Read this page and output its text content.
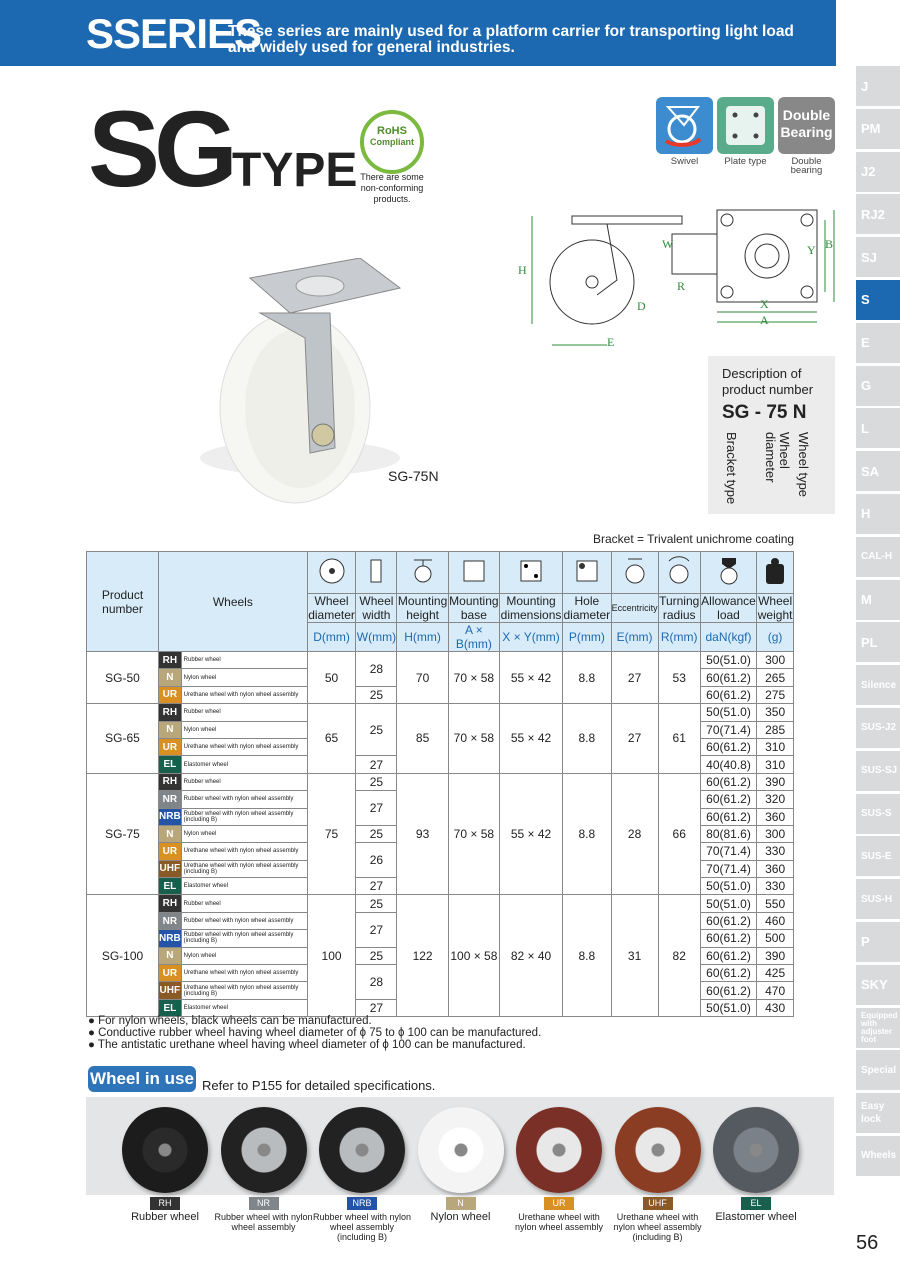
SSERIES
These series are mainly used for a platform carrier for transporting light load
and widely used for general industries.
J
PM
J2
RJ2
SJ
S
E
G
L
SA
H
CAL-H
M
PL
Silence
SUS-J2
SUS-SJ
SUS-S
SUS-E
SUS-H
P
SKY
Equipped with adjuster foot
Special
Easy lock
Wheels
56
SGTYPE
RoHS
Compliant
There are some non-conforming products.
Double Bearing
Swivel	Plate type	Double bearing
SG-75N
H
W	Y B
R
D	X
A
E
Description of product number
SG - 75 N
Bracket type	Wheel diameter	Wheel type
Bracket = Trivalent unichrome coating
Product number	Wheels										
			Wheel diameter	Wheel width	Mounting height	Mounting base	Mounting dimensions	Hole diameter	Eccentricity	Turning radius	Allowance load	Wheel weight
			D(mm)	W(mm)	H(mm)	A × B(mm)	X × Y(mm)	P(mm)	E(mm)	R(mm)	daN(kgf)	(g)
SG-50	RH	Rubber wheel	50	28	70	70 × 58	55 × 42	8.8	27	53	50(51.0)	300
	N	Nylon wheel									60(61.2)	265
	UR	Urethane wheel with nylon wheel assembly		25							60(61.2)	275
SG-65	RH	Rubber wheel	65	25	85	70 × 58	55 × 42	8.8	27	61	50(51.0)	350
	N	Nylon wheel									70(71.4)	285
	UR	Urethane wheel with nylon wheel assembly									60(61.2)	310
	EL	Elastomer wheel		27							40(40.8)	310
SG-75	RH	Rubber wheel	75	25	93	70 × 58	55 × 42	8.8	28	66	60(61.2)	390
	NR	Rubber wheel with nylon wheel assembly		27							60(61.2)	320
	NRB	Rubber wheel with nylon wheel assembly (including B)									60(61.2)	360
	N	Nylon wheel		25							80(81.6)	300
	UR	Urethane wheel with nylon wheel assembly		26							70(71.4)	330
	UHF	Urethane wheel with nylon wheel assembly (including B)									70(71.4)	360
	EL	Elastomer wheel		27							50(51.0)	330
SG-100	RH	Rubber wheel	100	25	122	100 × 58	82 × 40	8.8	31	82	50(51.0)	550
	NR	Rubber wheel with nylon wheel assembly		27							60(61.2)	460
	NRB	Rubber wheel with nylon wheel assembly (including B)									60(61.2)	500
	N	Nylon wheel		25							60(61.2)	390
	UR	Urethane wheel with nylon wheel assembly		28							60(61.2)	425
	UHF	Urethane wheel with nylon wheel assembly (including B)									60(61.2)	470
	EL	Elastomer wheel		27							50(51.0)	430
● For nylon wheels, black wheels can be manufactured.
● Conductive rubber wheel having wheel diameter of ϕ 75 to ϕ 100 can be manufactured.
● The antistatic urethane wheel having wheel diameter of ϕ 100 can be manufactured.
Wheel in use Refer to P155 for detailed specifications.
RH
Rubber wheel
NR
Rubber wheel with nylon wheel assembly
NRB
Rubber wheel with nylon wheel assembly (including B)
N
Nylon wheel
UR
Urethane wheel with nylon wheel assembly
UHF
Urethane wheel with nylon wheel assembly (including B)
EL
Elastomer wheel
